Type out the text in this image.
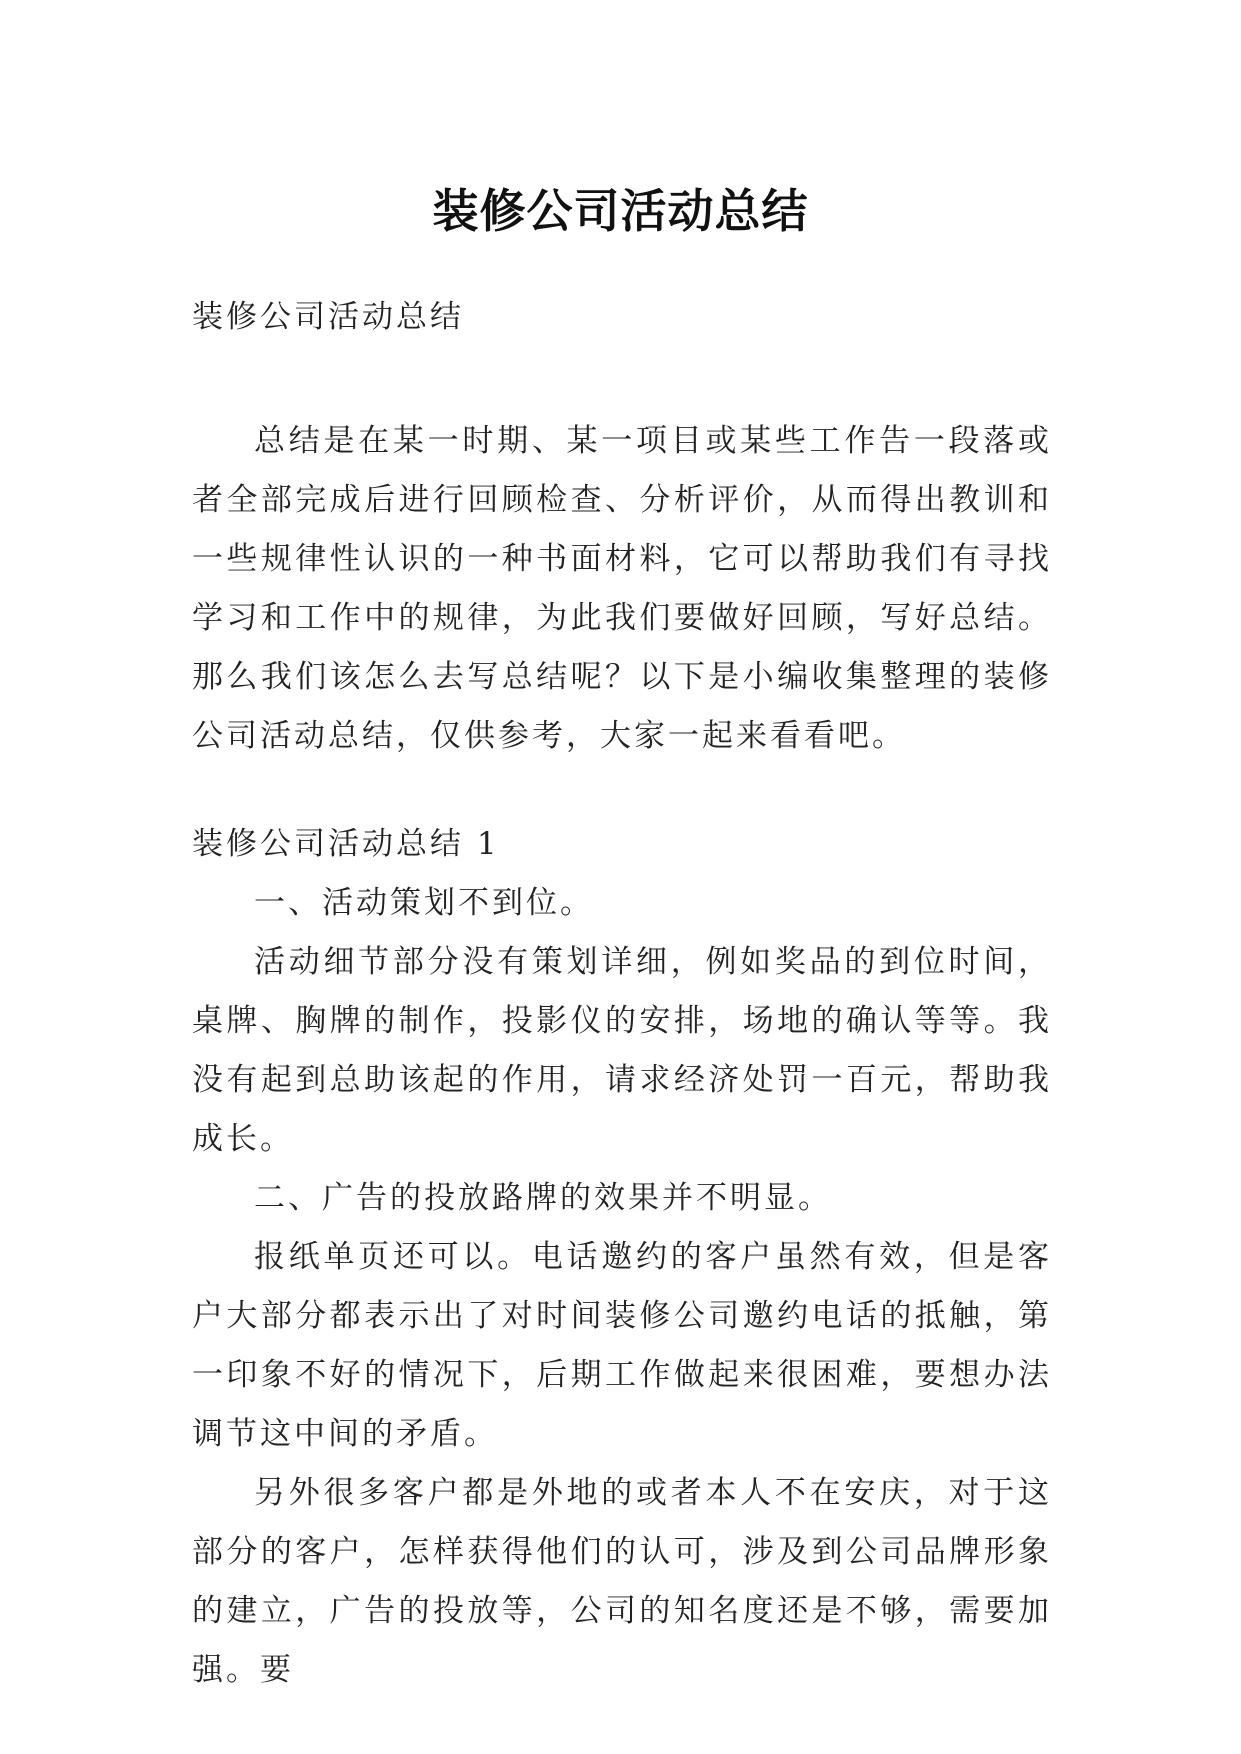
装修公司活动总结
装修公司活动总结

总结是在某一时期、某一项目或某些工作告一段落或者全部完成后进行回顾检查、分析评价，从而得出教训和一些规律性认识的一种书面材料，它可以帮助我们有寻找学习和工作中的规律，为此我们要做好回顾，写好总结。那么我们该怎么去写总结呢？以下是小编收集整理的装修公司活动总结，仅供参考，大家一起来看看吧。

装修公司活动总结 1

一、活动策划不到位。

活动细节部分没有策划详细，例如奖品的到位时间，桌牌、胸牌的制作，投影仪的安排，场地的确认等等。我没有起到总助该起的作用，请求经济处罚一百元，帮助我成长。

二、广告的投放路牌的效果并不明显。

报纸单页还可以。电话邀约的客户虽然有效，但是客户大部分都表示出了对时间装修公司邀约电话的抵触，第一印象不好的情况下，后期工作做起来很困难，要想办法调节这中间的矛盾。

另外很多客户都是外地的或者本人不在安庆，对于这部分的客户，怎样获得他们的认可，涉及到公司品牌形象的建立，广告的投放等，公司的知名度还是不够，需要加强。要
